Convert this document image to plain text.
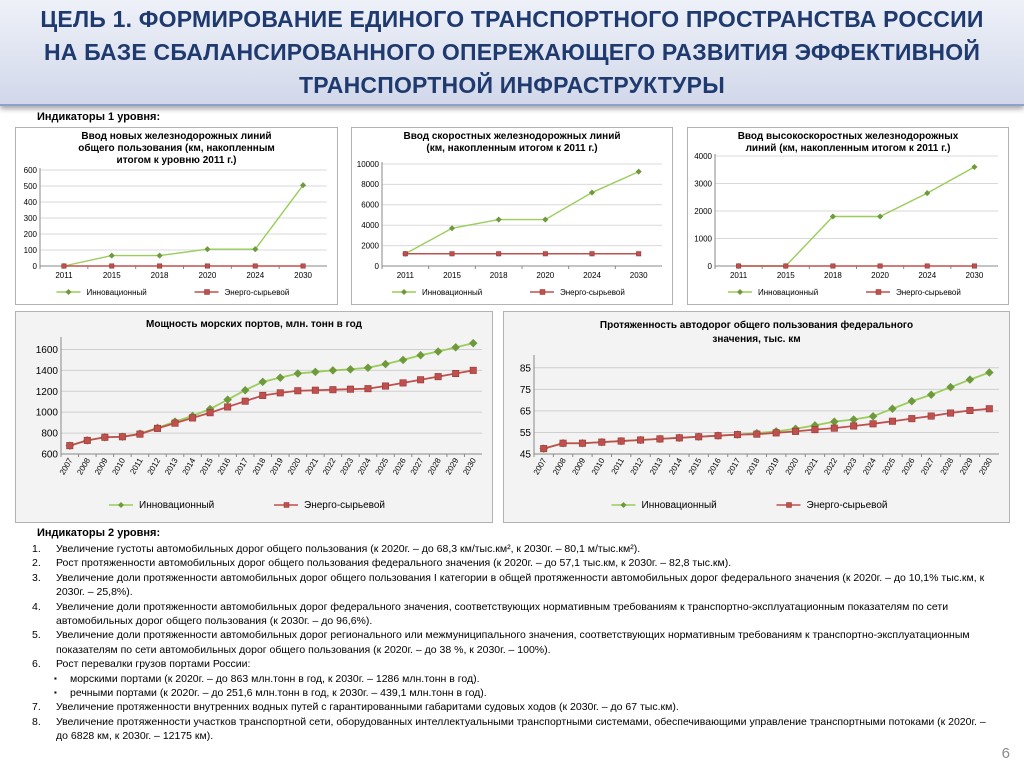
ЦЕЛЬ 1. ФОРМИРОВАНИЕ ЕДИНОГО ТРАНСПОРТНОГО ПРОСТРАНСТВА РОССИИ
НА БАЗЕ СБАЛАНСИРОВАННОГО ОПЕРЕЖАЮЩЕГО РАЗВИТИЯ ЭФФЕКТИВНОЙ
ТРАНСПОРТНОЙ ИНФРАСТРУКТУРЫ
Индикаторы 1 уровня:
Ввод новых железнодорожных линий
общего пользования (км, накопленным
итогом к уровню 2011 г.)
0
100
200
300
400
500
600
2011	2015	2018	2020	2024	2030
Инновационный	Энерго-сырьевой
Ввод скоростных железнодорожных линий
(км, накопленным итогом к 2011 г.)
0
2000
4000
6000
8000
10000
2011	2015	2018	2020	2024	2030
Инновационный	Энерго-сырьевой
Ввод высокоскоростных железнодорожных
линий (км, накопленным итогом к 2011 г.)
0
1000
2000
3000
4000
2011	2015	2018	2020	2024	2030
Инновационный	Энерго-сырьевой
Мощность морских портов, млн. тонн в год
600
800
1000
1200
1400
1600
2007 2008 2009 2010 2011 2012 2013 2014 2015 2016 2017 2018 2019 2020 2021 2022 2023 2024 2025 2026 2027 2028 2029 2030
Инновационный	Энерго-сырьевой
Протяженность автодорог общего пользования федерального
значения, тыс. км
45
55
65
75
85
2007 2008 2009 2010 2011 2012 2013 2014 2015 2016 2017 2018 2019 2020 2021 2022 2023 2024 2025 2026 2027 2028 2029 2030
Инновационный	Энерго-сырьевой
Индикаторы 2 уровня:
1. Увеличение густоты автомобильных дорог общего пользования (к 2020г. – до 68,3 км/тыс.км², к 2030г. – 80,1 м/тыс.км²).
2. Рост протяженности автомобильных дорог общего пользования федерального значения (к 2020г. – до 57,1 тыс.км, к 2030г. – 82,8 тыс.км).
3. Увеличение доли протяженности автомобильных дорог общего пользования I категории в общей протяженности автомобильных дорог федерального значения (к 2020г. – до 10,1% тыс.км, к 2030г. – 25,8%).
4. Увеличение доли протяженности автомобильных дорог федерального значения, соответствующих нормативным требованиям к транспортно-эксплуатационным показателям по сети автомобильных дорог общего пользования (к 2030г. – до 96,6%).
5. Увеличение доли протяженности автомобильных дорог регионального или межмуниципального значения, соответствующих нормативным требованиям к транспортно-эксплуатационным показателям по сети автомобильных дорог общего пользования (к 2020г. – до 38 %, к 2030г. – 100%).
6. Рост перевалки грузов портами России:
▪ морскими портами (к 2020г. – до 863 млн.тонн в год, к 2030г. – 1286 млн.тонн в год).
▪ речными портами (к 2020г. – до 251,6 млн.тонн в год, к 2030г. – 439,1 млн.тонн в год).
7. Увеличение протяженности внутренних водных путей с гарантированными габаритами судовых ходов (к 2030г. – до 67 тыс.км).
8. Увеличение протяженности участков транспортной сети, оборудованных интеллектуальными транспортными системами, обеспечивающими управление транспортными потоками (к 2020г. – до 6828 км, к 2030г. – 12175 км).
6
